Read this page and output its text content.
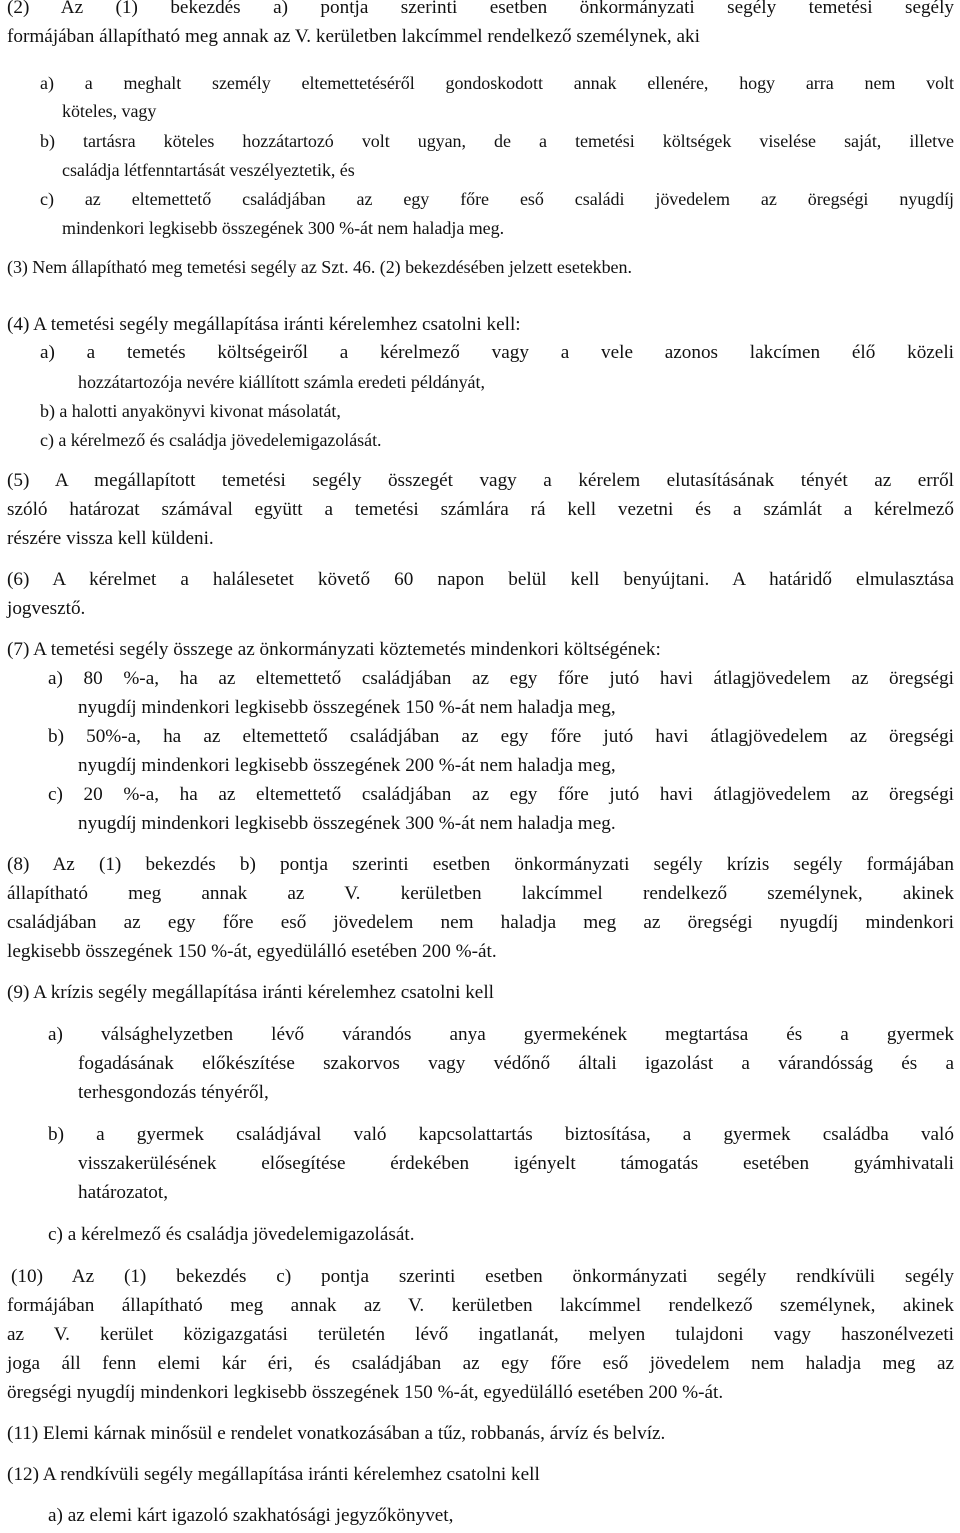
(2) Az (1) bekezdés a) pontja szerinti esetben önkormányzati segély temetési segély
formájában állapítható meg annak az V. kerületben lakcímmel rendelkező személynek, aki
a) a meghalt személy eltemettetéséről gondoskodott annak ellenére, hogy arra nem volt
köteles, vagy
b) tartásra köteles hozzátartozó volt ugyan, de a temetési költségek viselése saját, illetve
családja létfenntartását veszélyeztetik, és
c) az eltemettető családjában az egy főre eső családi jövedelem az öregségi nyugdíj
mindenkori legkisebb összegének 300 %-át nem haladja meg.
(3) Nem állapítható meg temetési segély az Szt. 46. (2) bekezdésében jelzett esetekben.
(4) A temetési segély megállapítása iránti kérelemhez csatolni kell:
a) a temetés költségeiről a kérelmező vagy a vele azonos lakcímen élő közeli
hozzátartozója nevére kiállított számla eredeti példányát,
b) a halotti anyakönyvi kivonat másolatát,
c) a kérelmező és családja jövedelemigazolását.
(5) A megállapított temetési segély összegét vagy a kérelem elutasításának tényét az erről
szóló határozat számával együtt a temetési számlára rá kell vezetni és a számlát a kérelmező
részére vissza kell küldeni.
(6) A kérelmet a halálesetet követő 60 napon belül kell benyújtani. A határidő elmulasztása
jogvesztő.
(7) A temetési segély összege az önkormányzati köztemetés mindenkori költségének:
a) 80 %-a, ha az eltemettető családjában az egy főre jutó havi átlagjövedelem az öregségi
nyugdíj mindenkori legkisebb összegének 150 %-át nem haladja meg,
b) 50%-a, ha az eltemettető családjában az egy főre jutó havi átlagjövedelem az öregségi
nyugdíj mindenkori legkisebb összegének 200 %-át nem haladja meg,
c) 20 %-a, ha az eltemettető családjában az egy főre jutó havi átlagjövedelem az öregségi
nyugdíj mindenkori legkisebb összegének 300 %-át nem haladja meg.
(8) Az (1) bekezdés b) pontja szerinti esetben önkormányzati segély krízis segély formájában
állapítható meg annak az V. kerületben lakcímmel rendelkező személynek, akinek
családjában az egy főre eső jövedelem nem haladja meg az öregségi nyugdíj mindenkori
legkisebb összegének 150 %-át, egyedülálló esetében 200 %-át.
(9) A krízis segély megállapítása iránti kérelemhez csatolni kell
a) válsághelyzetben lévő várandós anya gyermekének megtartása és a gyermek
fogadásának előkészítése szakorvos vagy védőnő általi igazolást a várandósság és a
terhesgondozás tényéről,
b) a gyermek családjával való kapcsolattartás biztosítása, a gyermek családba való
visszakerülésének elősegítése érdekében igényelt támogatás esetében gyámhivatali
határozatot,
c) a kérelmező és családja jövedelemigazolását.
(10) Az (1) bekezdés c) pontja szerinti esetben önkormányzati segély rendkívüli segély
formájában állapítható meg annak az V. kerületben lakcímmel rendelkező személynek, akinek
az V. kerület közigazgatási területén lévő ingatlanát, melyen tulajdoni vagy haszonélvezeti
joga áll fenn elemi kár éri, és családjában az egy főre eső jövedelem nem haladja meg az
öregségi nyugdíj mindenkori legkisebb összegének 150 %-át, egyedülálló esetében 200 %-át.
(11) Elemi kárnak minősül e rendelet vonatkozásában a tűz, robbanás, árvíz és belvíz.
(12) A rendkívüli segély megállapítása iránti kérelemhez csatolni kell
a) az elemi kárt igazoló szakhatósági jegyzőkönyvet,
